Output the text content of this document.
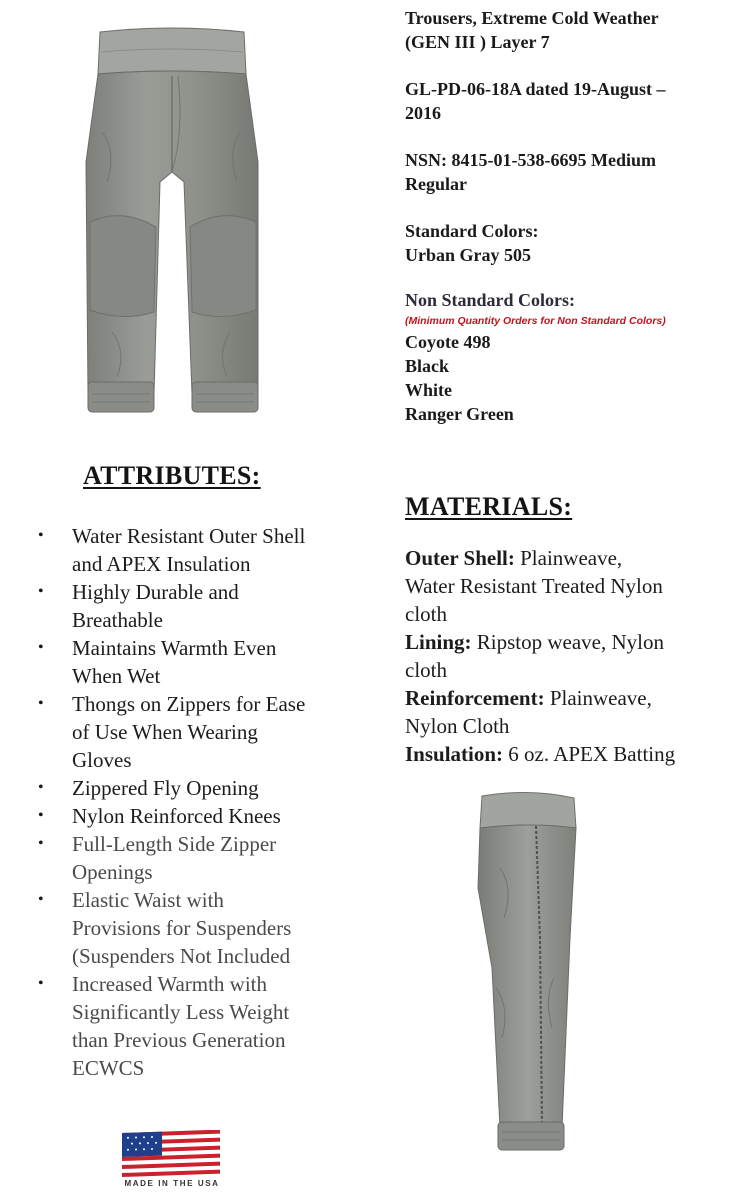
Trousers, Extreme Cold Weather
(GEN III ) Layer 7

GL-PD-06-18A dated 19-August –
2016

NSN: 8415-01-538-6695 Medium
Regular

Standard Colors:
Urban Gray 505

Non Standard Colors:
(Minimum Quantity Orders for Non Standard Colors)
Coyote 498
Black
White
Ranger Green
ATTRIBUTES:
• Water Resistant Outer Shell
and APEX Insulation
• Highly Durable and
Breathable
• Maintains Warmth Even
When Wet
• Thongs on Zippers for Ease
of Use When Wearing
Gloves
• Zippered Fly Opening
• Nylon Reinforced Knees
• Full-Length Side Zipper
Openings
• Elastic Waist with
Provisions for Suspenders
(Suspenders Not Included
• Increased Warmth with
Significantly Less Weight
than Previous Generation
ECWCS
MATERIALS:
Outer Shell: Plainweave,
Water Resistant Treated Nylon
cloth
Lining: Ripstop weave, Nylon
cloth
Reinforcement: Plainweave,
Nylon Cloth
Insulation: 6 oz. APEX Batting
MADE IN THE USA
